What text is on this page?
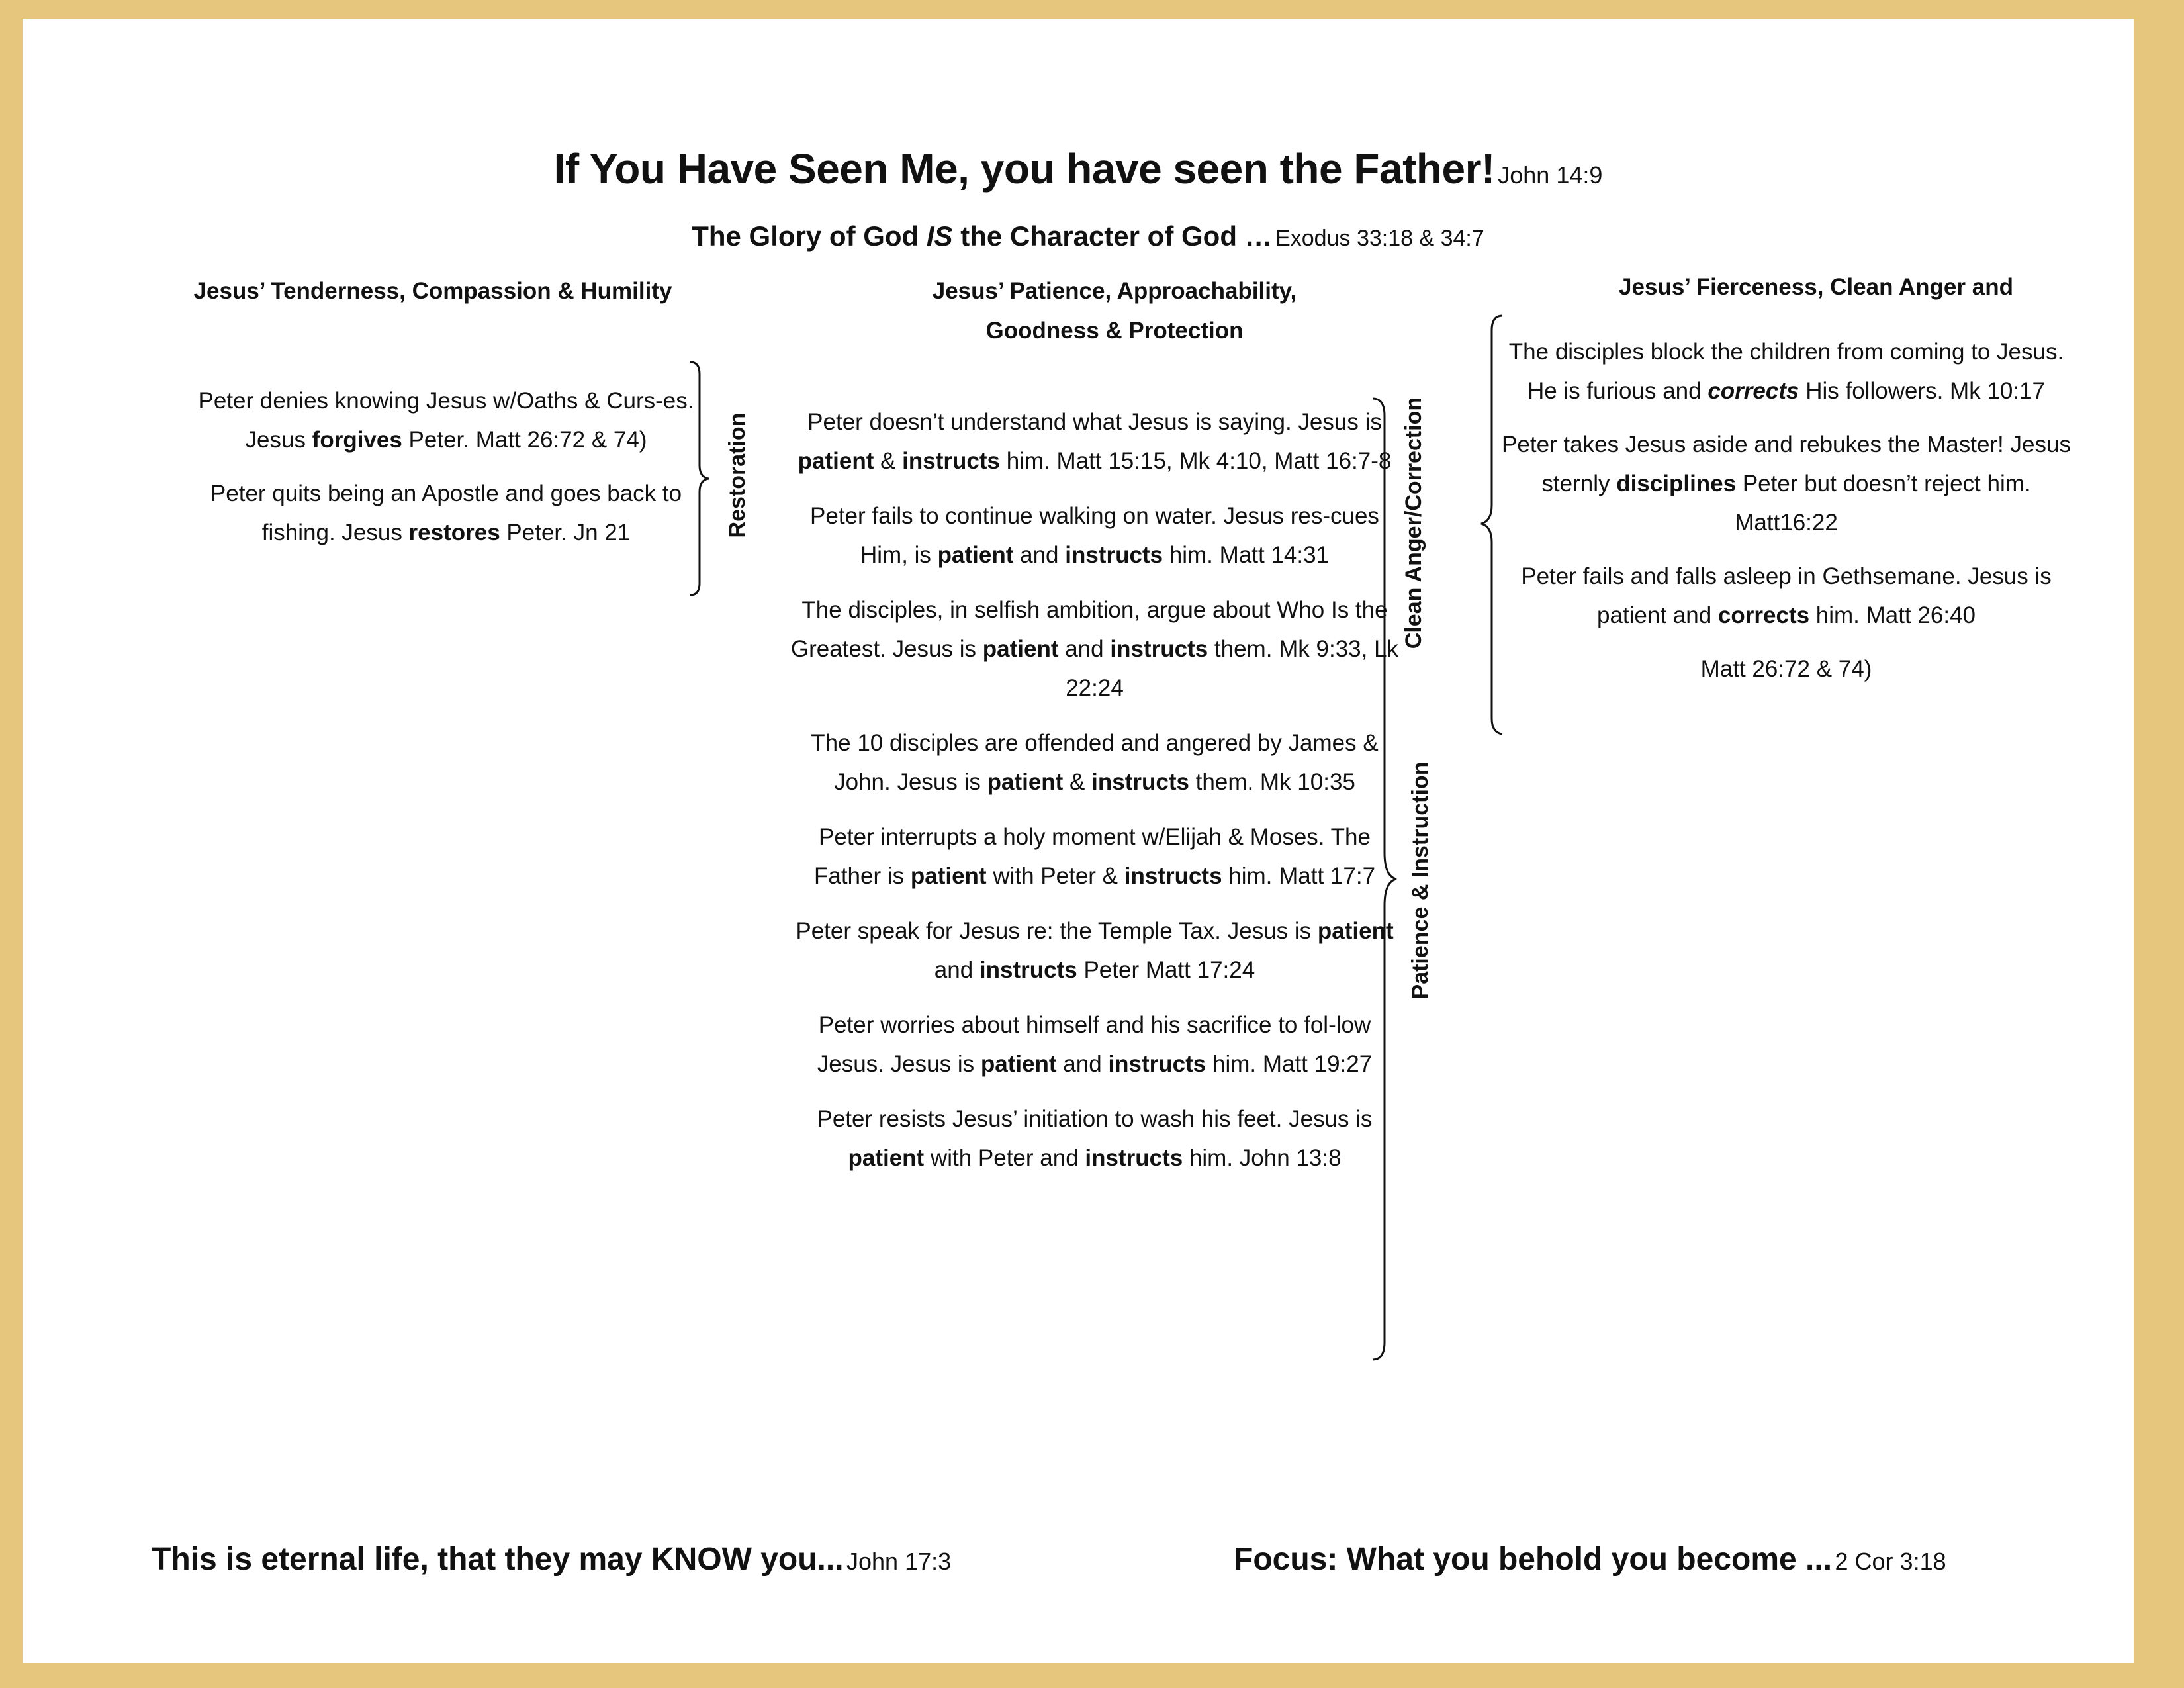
If You Have Seen Me, you have seen the Father! John 14:9
The Glory of God IS the Character of God … Exodus 33:18 & 34:7
Jesus’ Tenderness, Compassion & Humility
Peter denies knowing Jesus w/Oaths & Curs-es. Jesus forgives Peter. Matt 26:72 & 74)
Peter quits being an Apostle and goes back to fishing. Jesus restores Peter. Jn 21	Restoration
Jesus’ Patience, Approachability,
Goodness & Protection
Peter doesn’t understand what Jesus is saying. Jesus is patient & instructs him. Matt 15:15, Mk 4:10, Matt 16:7-8
Peter fails to continue walking on water. Jesus res-cues Him, is patient and instructs him. Matt 14:31
The disciples, in selfish ambition, argue about Who Is the Greatest. Jesus is patient and instructs them. Mk 9:33, Lk 22:24
The 10 disciples are offended and angered by James & John. Jesus is patient & instructs them. Mk 10:35
Peter interrupts a holy moment w/Elijah & Moses. The Father is patient with Peter & instructs him. Matt 17:7
Peter speak for Jesus re: the Temple Tax. Jesus is patient and instructs Peter Matt 17:24
Peter worries about himself and his sacrifice to fol-low Jesus. Jesus is patient and instructs him. Matt 19:27
Peter resists Jesus’ initiation to wash his feet. Jesus is patient with Peter and instructs him. John 13:8
Patience & Instruction
Jesus’ Fierceness, Clean Anger and
Clean Anger/Correction
The disciples block the children from coming to Jesus. He is furious and corrects His followers. Mk 10:17
Peter takes Jesus aside and rebukes the Master! Jesus sternly disciplines Peter but doesn’t reject him. Matt16:22
Peter fails and falls asleep in Gethsemane. Jesus is patient and corrects him. Matt 26:40
Matt 26:72 & 74)
This is eternal life, that they may KNOW you... John 17:3	Focus: What you behold you become ... 2 Cor 3:18
